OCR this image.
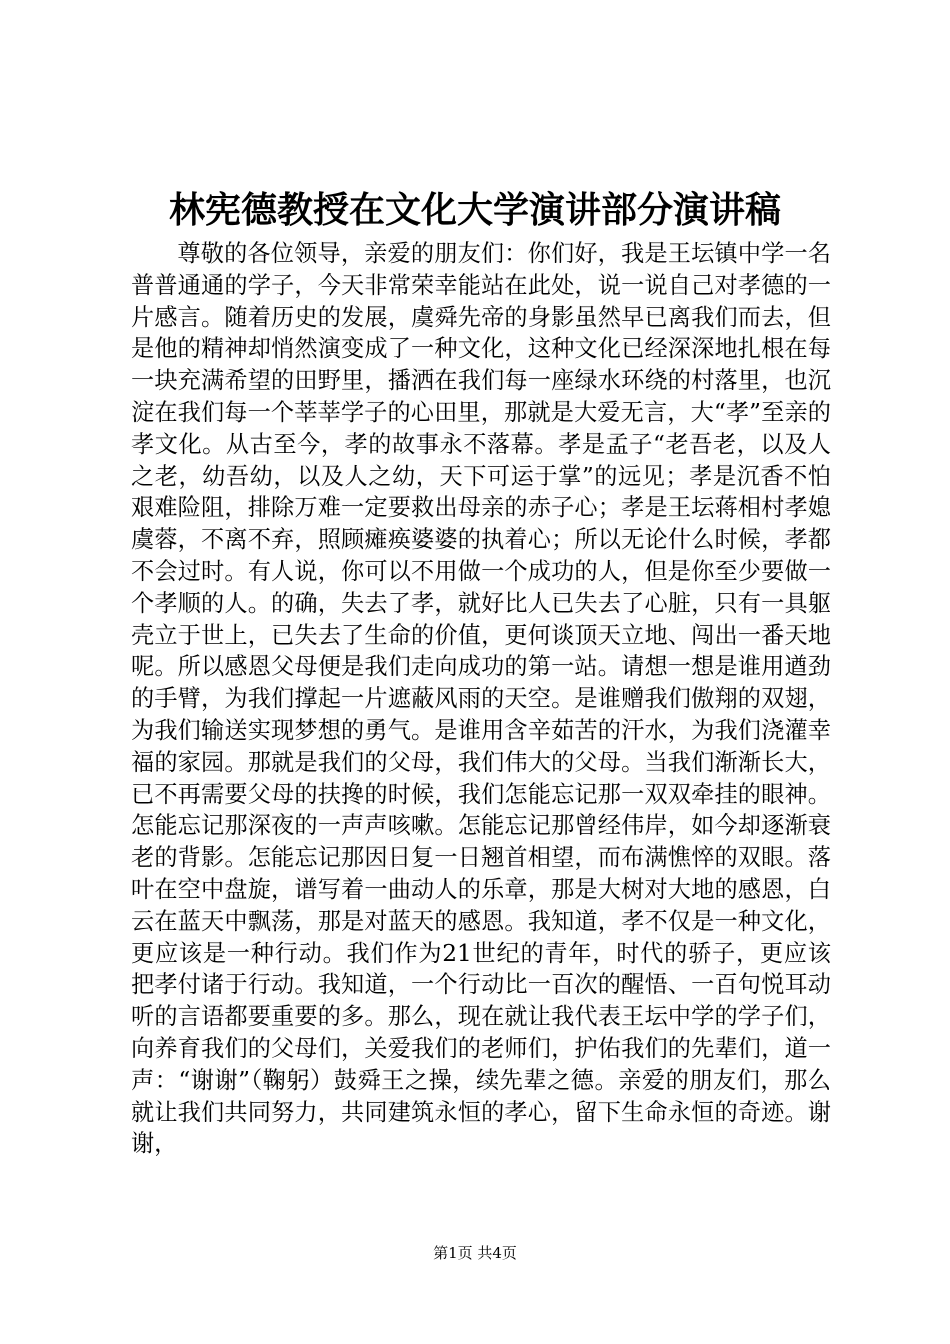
林宪德教授在文化大学演讲部分演讲稿
尊敬的各位领导，亲爱的朋友们：你们好，我是王坛镇中学一名普普通通的学子，今天非常荣幸能站在此处，说一说自己对孝德的一片感言。随着历史的发展，虞舜先帝的身影虽然早已离我们而去，但是他的精神却悄然演变成了一种文化，这种文化已经深深地扎根在每一块充满希望的田野里，播洒在我们每一座绿水环绕的村落里，也沉淀在我们每一个莘莘学子的心田里，那就是大爱无言，大“孝”至亲的孝文化。从古至今，孝的故事永不落幕。孝是孟子“老吾老，以及人之老，幼吾幼，以及人之幼，天下可运于掌”的远见；孝是沉香不怕艰难险阻，排除万难一定要救出母亲的赤子心；孝是王坛蒋相村孝媳虞蓉，不离不弃，照顾瘫痪婆婆的执着心；所以无论什么时候，孝都不会过时。有人说，你可以不用做一个成功的人，但是你至少要做一个孝顺的人。的确，失去了孝，就好比人已失去了心脏，只有一具躯壳立于世上，已失去了生命的价值，更何谈顶天立地、闯出一番天地呢。所以感恩父母便是我们走向成功的第一站。请想一想是谁用遒劲的手臂，为我们撑起一片遮蔽风雨的天空。是谁赠我们傲翔的双翅，为我们输送实现梦想的勇气。是谁用含辛茹苦的汗水，为我们浇灌幸福的家园。那就是我们的父母，我们伟大的父母。当我们渐渐长大，已不再需要父母的扶搀的时候，我们怎能忘记那一双双牵挂的眼神。怎能忘记那深夜的一声声咳嗽。怎能忘记那曾经伟岸，如今却逐渐衰老的背影。怎能忘记那因日复一日翘首相望，而布满憔悴的双眼。落叶在空中盘旋，谱写着一曲动人的乐章，那是大树对大地的感恩，白云在蓝天中飘荡，那是对蓝天的感恩。我知道，孝不仅是一种文化，更应该是一种行动。我们作为21世纪的青年，时代的骄子，更应该把孝付诸于行动。我知道，一个行动比一百次的醒悟、一百句悦耳动听的言语都要重要的多。那么，现在就让我代表王坛中学的学子们，向养育我们的父母们，关爱我们的老师们，护佑我们的先辈们，道一声：“谢谢”（鞠躬）鼓舜王之操，续先辈之德。亲爱的朋友们，那么就让我们共同努力，共同建筑永恒的孝心，留下生命永恒的奇迹。谢谢，
第1页 共4页
